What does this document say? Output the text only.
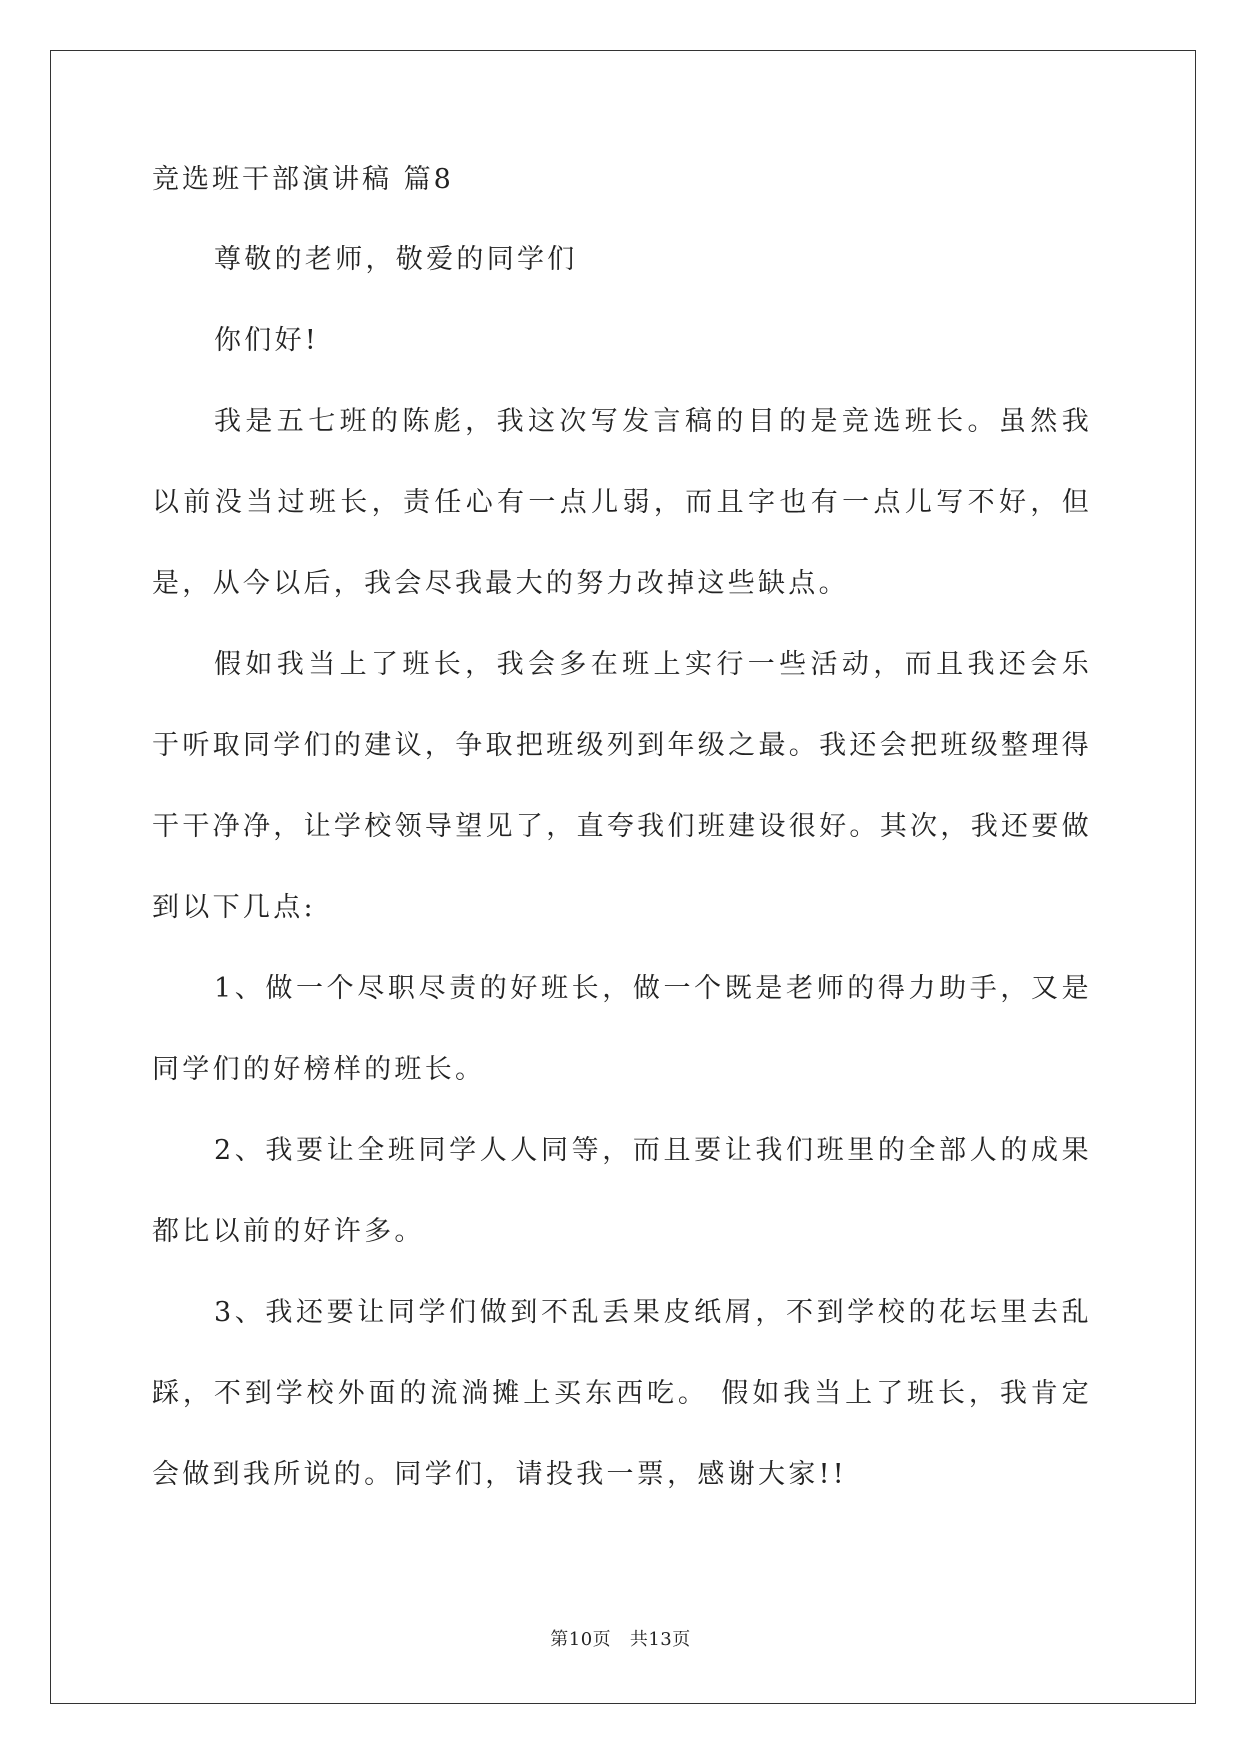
竞选班干部演讲稿 篇8

尊敬的老师，敬爱的同学们

你们好!

我是五七班的陈彪，我这次写发言稿的目的是竞选班长。虽然我以前没当过班长，责任心有一点儿弱，而且字也有一点儿写不好，但是，从今以后，我会尽我最大的努力改掉这些缺点。

假如我当上了班长，我会多在班上实行一些活动，而且我还会乐于听取同学们的建议，争取把班级列到年级之最。我还会把班级整理得干干净净，让学校领导望见了，直夸我们班建设很好。其次，我还要做到以下几点:

1、做一个尽职尽责的好班长，做一个既是老师的得力助手，又是同学们的好榜样的班长。

2、我要让全班同学人人同等，而且要让我们班里的全部人的成果都比以前的好许多。

3、我还要让同学们做到不乱丢果皮纸屑，不到学校的花坛里去乱踩，不到学校外面的流淌摊上买东西吃。 假如我当上了班长，我肯定会做到我所说的。同学们，请投我一票，感谢大家!!

第10页   共13页
